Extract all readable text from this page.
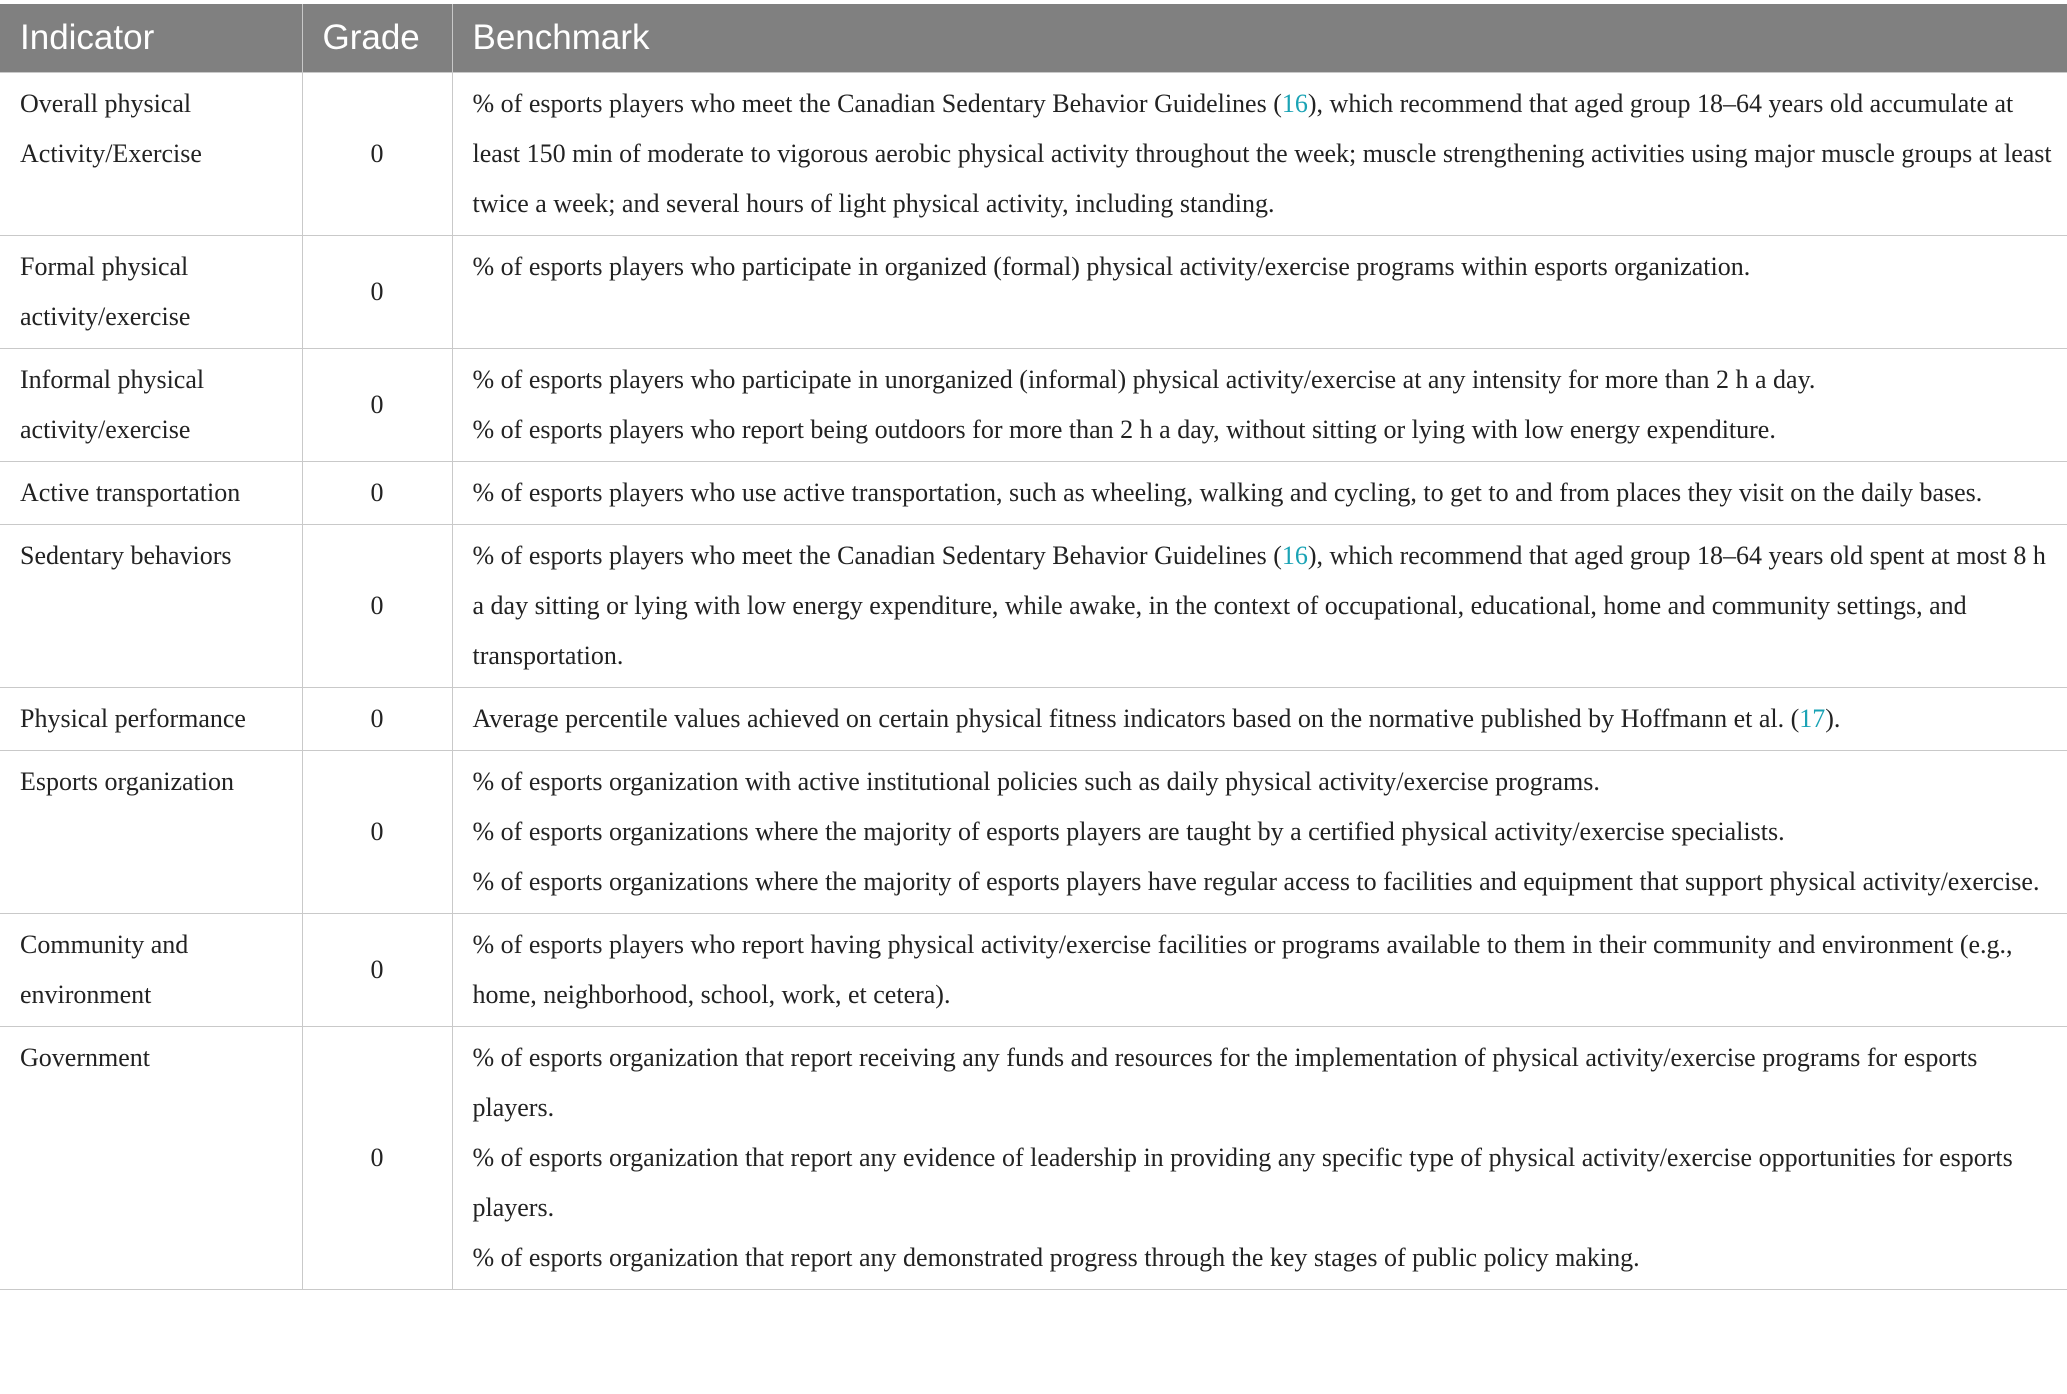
Indicator	Grade	Benchmark
Overall physical Activity/Exercise	0	% of esports players who meet the Canadian Sedentary Behavior Guidelines (16), which recommend that aged group 18–64 years old accumulate at least 150 min of moderate to vigorous aerobic physical activity throughout the week; muscle strengthening activities using major muscle groups at least twice a week; and several hours of light physical activity, including standing.

Formal physical activity/exercise	0	% of esports players who participate in organized (formal) physical activity/exercise programs within esports organization.

Informal physical activity/exercise	0	% of esports players who participate in unorganized (informal) physical activity/exercise at any intensity for more than 2 h a day.
% of esports players who report being outdoors for more than 2 h a day, without sitting or lying with low energy expenditure.

Active transportation	0	% of esports players who use active transportation, such as wheeling, walking and cycling, to get to and from places they visit on the daily bases.

Sedentary behaviors	0	% of esports players who meet the Canadian Sedentary Behavior Guidelines (16), which recommend that aged group 18–64 years old spent at most 8 h a day sitting or lying with low energy expenditure, while awake, in the context of occupational, educational, home and community settings, and transportation.

Physical performance	0	Average percentile values achieved on certain physical fitness indicators based on the normative published by Hoffmann et al. (17).

Esports organization	0	% of esports organization with active institutional policies such as daily physical activity/exercise programs.
% of esports organizations where the majority of esports players are taught by a certified physical activity/exercise specialists.
% of esports organizations where the majority of esports players have regular access to facilities and equipment that support physical activity/exercise.

Community and environment	0	% of esports players who report having physical activity/exercise facilities or programs available to them in their community and environment (e.g., home, neighborhood, school, work, et cetera).

Government	0	% of esports organization that report receiving any funds and resources for the implementation of physical activity/exercise programs for esports players.
% of esports organization that report any evidence of leadership in providing any specific type of physical activity/exercise opportunities for esports players.
% of esports organization that report any demonstrated progress through the key stages of public policy making.
